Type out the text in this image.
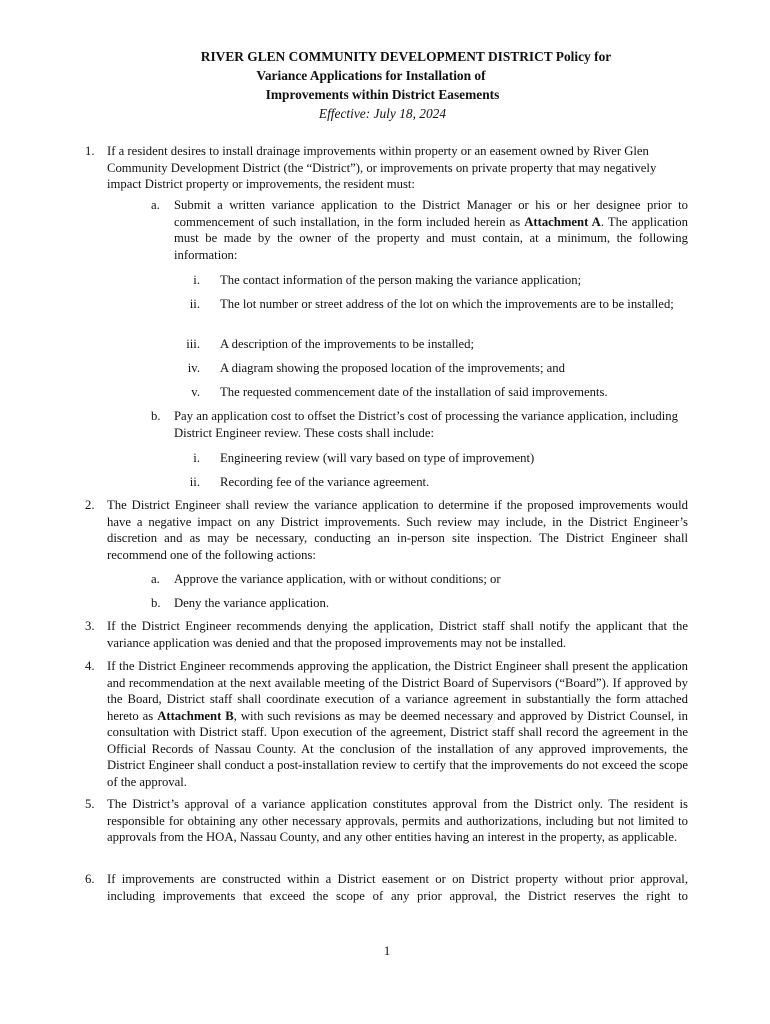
RIVER GLEN COMMUNITY DEVELOPMENT DISTRICT Policy for
Variance Applications for Installation of
Improvements within District Easements
Effective: July 18, 2024
1. If a resident desires to install drainage improvements within property or an easement owned by River Glen Community Development District (the “District”), or improvements on private property that may negatively impact District property or improvements, the resident must:
a. Submit a written variance application to the District Manager or his or her designee prior to commencement of such installation, in the form included herein as Attachment A. The application must be made by the owner of the property and must contain, at a minimum, the following information:
i. The contact information of the person making the variance application;
ii. The lot number or street address of the lot on which the improvements are to be installed;
iii. A description of the improvements to be installed;
iv. A diagram showing the proposed location of the improvements; and
v. The requested commencement date of the installation of said improvements.
b. Pay an application cost to offset the District’s cost of processing the variance application, including District Engineer review. These costs shall include:
i. Engineering review (will vary based on type of improvement)
ii. Recording fee of the variance agreement.
2. The District Engineer shall review the variance application to determine if the proposed improvements would have a negative impact on any District improvements. Such review may include, in the District Engineer’s discretion and as may be necessary, conducting an in-person site inspection. The District Engineer shall recommend one of the following actions:
a. Approve the variance application, with or without conditions; or
b. Deny the variance application.
3. If the District Engineer recommends denying the application, District staff shall notify the applicant that the variance application was denied and that the proposed improvements may not be installed.
4. If the District Engineer recommends approving the application, the District Engineer shall present the application and recommendation at the next available meeting of the District Board of Supervisors (“Board”). If approved by the Board, District staff shall coordinate execution of a variance agreement in substantially the form attached hereto as Attachment B, with such revisions as may be deemed necessary and approved by District Counsel, in consultation with District staff. Upon execution of the agreement, District staff shall record the agreement in the Official Records of Nassau County. At the conclusion of the installation of any approved improvements, the District Engineer shall conduct a post-installation review to certify that the improvements do not exceed the scope of the approval.
5. The District’s approval of a variance application constitutes approval from the District only. The resident is responsible for obtaining any other necessary approvals, permits and authorizations, including but not limited to approvals from the HOA, Nassau County, and any other entities having an interest in the property, as applicable.
6. If improvements are constructed within a District easement or on District property without prior approval, including improvements that exceed the scope of any prior approval, the District reserves the right to
1
